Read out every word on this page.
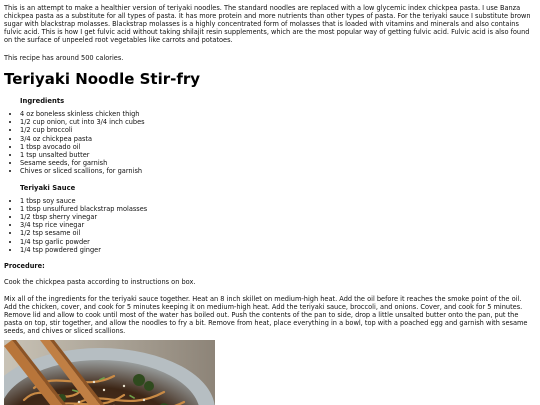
This is an attempt to make a healthier version of teriyaki noodles. The standard noodles are replaced with a low glycemic index chickpea pasta. I use Banza chickpea pasta as a substitute for all types of pasta. It has more protein and more nutrients than other types of pasta. For the teriyaki sauce I substitute brown sugar with blackstrap molasses. Blackstrap molasses is a highly concentrated form of molasses that is loaded with vitamins and minerals and also contains fulvic acid. This is how I get fulvic acid without taking shilajit resin supplements, which are the most popular way of getting fulvic acid. Fulvic acid is also found on the surface of unpeeled root vegetables like carrots and potatoes.

This recipe has around 500 calories.

Teriyaki Noodle Stir-fry
Ingredients
• 4 oz boneless skinless chicken thigh
• 1/2 cup onion, cut into 3/4 inch cubes
• 1/2 cup broccoli
• 3/4 oz chickpea pasta
• 1 tbsp avocado oil
• 1 tsp unsalted butter
• Sesame seeds, for garnish
• Chives or sliced scallions, for garnish
Teriyaki Sauce
• 1 tbsp soy sauce
• 1 tbsp unsulfured blackstrap molasses
• 1/2 tbsp sherry vinegar
• 3/4 tsp rice vinegar
• 1/2 tsp sesame oil
• 1/4 tsp garlic powder
• 1/4 tsp powdered ginger

Procedure:

Cook the chickpea pasta according to instructions on box.

Mix all of the ingredients for the teriyaki sauce together. Heat an 8 inch skillet on medium-high heat. Add the oil before it reaches the smoke point of the oil. Add the chicken, cover, and cook for 5 minutes keeping it on medium-high heat. Add the teriyaki sauce, broccoli, and onions. Cover, and cook for 5 minutes. Remove lid and allow to cook until most of the water has boiled out. Push the contents of the pan to side, drop a little unsalted butter onto the pan, put the pasta on top, stir together, and allow the noodles to fry a bit. Remove from heat, place everything in a bowl, top with a poached egg and garnish with sesame seeds, and chives or sliced scallions.
